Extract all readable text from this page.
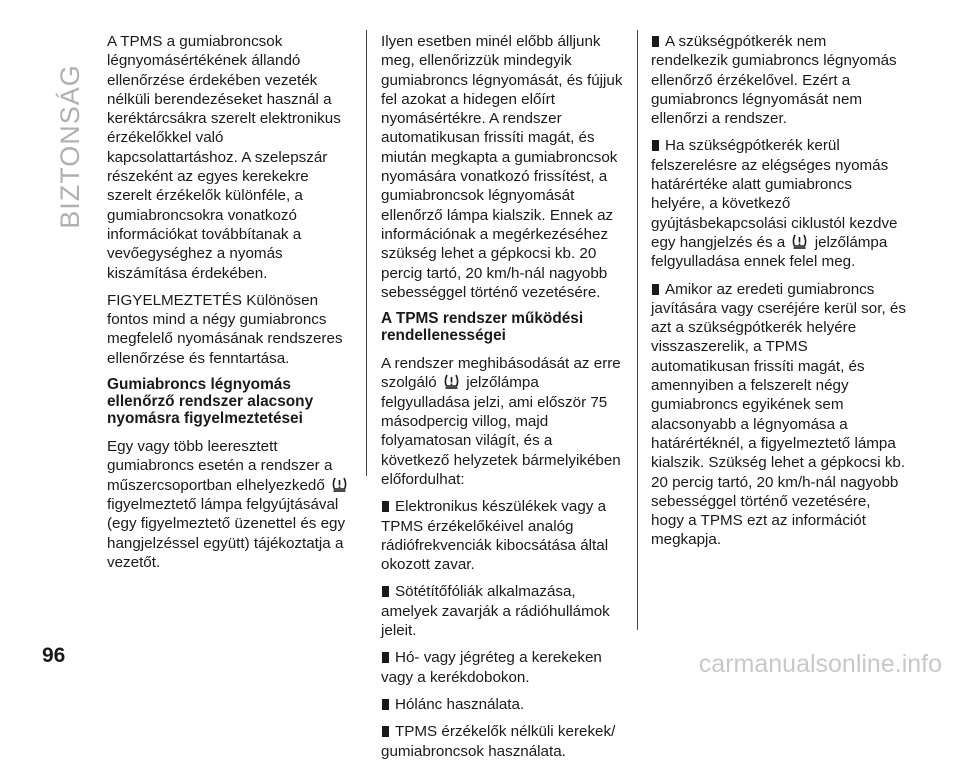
BIZTONSÁG

A TPMS a gumiabroncsok légnyomásértékének állandó ellenőrzése érdekében vezeték nélküli berendezéseket használ a keréktárcsákra szerelt elektronikus érzékelőkkel való kapcsolattartáshoz. A szelepszár részeként az egyes kerekekre szerelt érzékelők különféle, a gumiabroncsokra vonatkozó információkat továbbítanak a vevőegységhez a nyomás kiszámítása érdekében.

FIGYELMEZTETÉS Különösen fontos mind a négy gumiabroncs megfelelő nyomásának rendszeres ellenőrzése és fenntartása.

Gumiabroncs légnyomás ellenőrző rendszer alacsony nyomásra figyelmeztetései

Egy vagy több leeresztett gumiabroncs esetén a rendszer a műszercsoportban elhelyezkedő  figyelmeztető lámpa felgyújtásával (egy figyelmeztető üzenettel és egy hangjelzéssel együtt) tájékoztatja a vezetőt.

Ilyen esetben minél előbb álljunk meg, ellenőrizzük mindegyik gumiabroncs légnyomását, és fújjuk fel azokat a hidegen előírt nyomásértékre. A rendszer automatikusan frissíti magát, és miután megkapta a gumiabroncsok nyomására vonatkozó frissítést, a gumiabroncsok légnyomását ellenőrző lámpa kialszik. Ennek az információnak a megérkezéséhez szükség lehet a gépkocsi kb. 20 percig tartó, 20 km/h-nál nagyobb sebességgel történő vezetésére.

A TPMS rendszer működési rendellenességei

A rendszer meghibásodását az erre szolgáló jelzőlámpa felgyulladása jelzi, ami először 75 másodpercig villog, majd folyamatosan világít, és a következő helyzetek bármelyikében előfordulhat:

Elektronikus készülékek vagy a TPMS érzékelőkéivel analóg rádiófrekvenciák kibocsátása által okozott zavar.

Sötétítőfóliák alkalmazása, amelyek zavarják a rádióhullámok jeleit.

Hó- vagy jégréteg a kerekeken vagy a kerékdobokon.

Hólánc használata.

TPMS érzékelők nélküli kerekek/ gumiabroncsok használata.

A szükségpótkerék nem rendelkezik gumiabroncs légnyomás ellenőrző érzékelővel. Ezért a gumiabroncs légnyomását nem ellenőrzi a rendszer.

Ha szükségpótkerék kerül felszerelésre az elégséges nyomás határértéke alatt gumiabroncs helyére, a következő gyújtásbekapcsolási ciklustól kezdve egy hangjelzés és a jelzőlámpa felgyulladása ennek felel meg.

Amikor az eredeti gumiabroncs javítására vagy cseréjére kerül sor, és azt a szükségpótkerék helyére visszaszerelik, a TPMS automatikusan frissíti magát, és amennyiben a felszerelt négy gumiabroncs egyikének sem alacsonyabb a légnyomása a határértéknél, a figyelmeztető lámpa kialszik. Szükség lehet a gépkocsi kb. 20 percig tartó, 20 km/h-nál nagyobb sebességgel történő vezetésére, hogy a TPMS ezt az információt megkapja.

96	carmanualsonline.info
